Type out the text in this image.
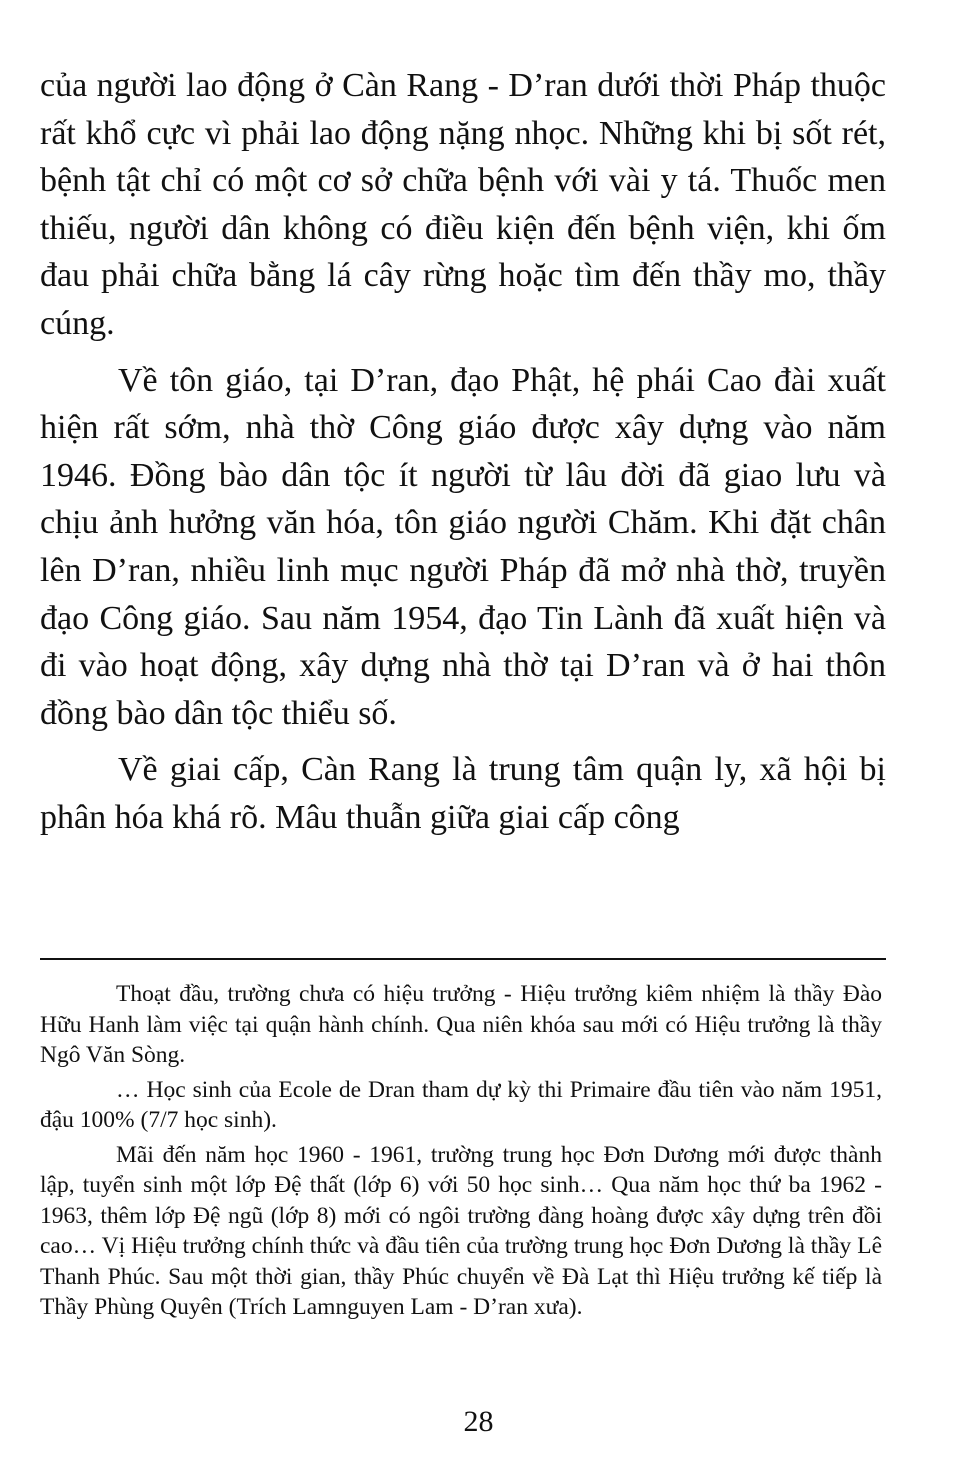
của người lao động ở Càn Rang - D’ran dưới thời Pháp thuộc rất khổ cực vì phải lao động nặng nhọc. Những khi bị sốt rét, bệnh tật chỉ có một cơ sở chữa bệnh với vài y tá. Thuốc men thiếu, người dân không có điều kiện đến bệnh viện, khi ốm đau phải chữa bằng lá cây rừng hoặc tìm đến thầy mo, thầy cúng.

Về tôn giáo, tại D’ran, đạo Phật, hệ phái Cao đài xuất hiện rất sớm, nhà thờ Công giáo được xây dựng vào năm 1946. Đồng bào dân tộc ít người từ lâu đời đã giao lưu và chịu ảnh hưởng văn hóa, tôn giáo người Chăm. Khi đặt chân lên D’ran, nhiều linh mục người Pháp đã mở nhà thờ, truyền đạo Công giáo. Sau năm 1954, đạo Tin Lành đã xuất hiện và đi vào hoạt động, xây dựng nhà thờ tại D’ran và ở hai thôn đồng bào dân tộc thiểu số.

Về giai cấp, Càn Rang là trung tâm quận ly, xã hội bị phân hóa khá rõ. Mâu thuẫn giữa giai cấp công

Thoạt đầu, trường chưa có hiệu trưởng - Hiệu trưởng kiêm nhiệm là thầy Đào Hữu Hanh làm việc tại quận hành chính. Qua niên khóa sau mới có Hiệu trưởng là thầy Ngô Văn Sòng.

… Học sinh của Ecole de Dran tham dự kỳ thi Primaire đầu tiên vào năm 1951, đậu 100% (7/7 học sinh).

Mãi đến năm học 1960 - 1961, trường trung học Đơn Dương mới được thành lập, tuyển sinh một lớp Đệ thất (lớp 6) với 50 học sinh… Qua năm học thứ ba 1962 - 1963, thêm lớp Đệ ngũ (lớp 8) mới có ngôi trường đàng hoàng được xây dựng trên đồi cao… Vị Hiệu trưởng chính thức và đầu tiên của trường trung học Đơn Dương là thầy Lê Thanh Phúc. Sau một thời gian, thầy Phúc chuyển về Đà Lạt thì Hiệu trưởng kế tiếp là Thầy Phùng Quyên (Trích Lamnguyen Lam - D’ran xưa).

28
